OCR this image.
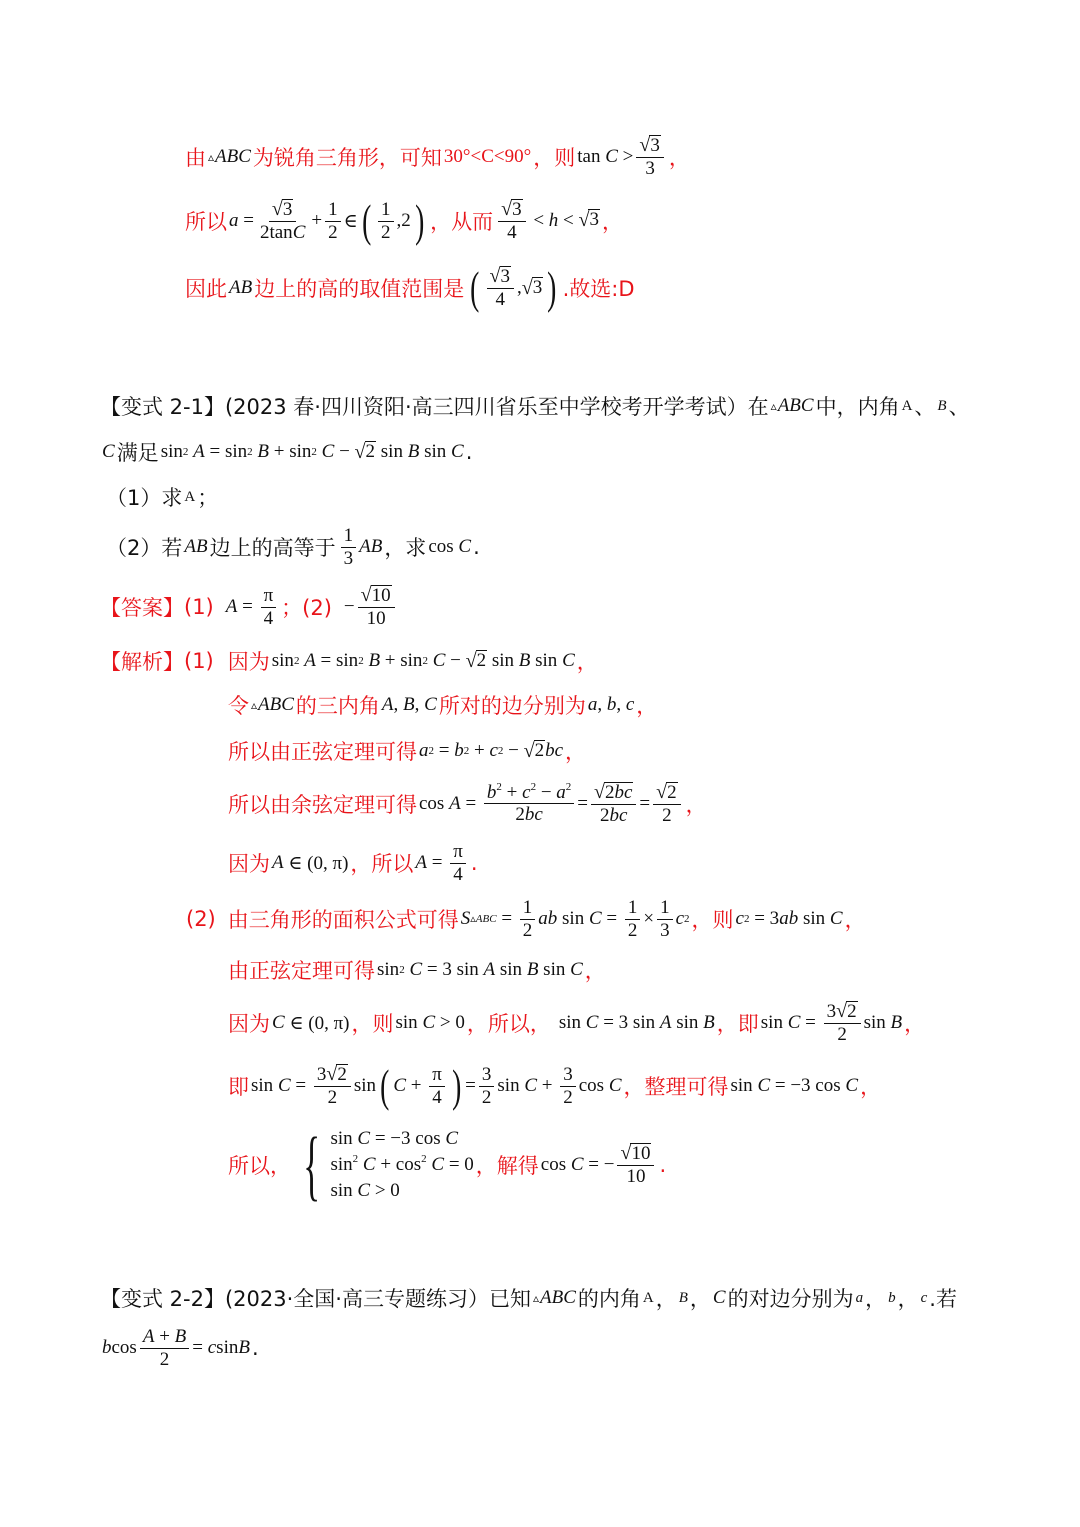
由 ▵ ABC 为锐角三角形，可知 30°<C<90° ，则 $\tan C > \frac{√ 3}{3}$ ，
所以 $a = \frac{√ 3}{2\tan C} + \frac{1}{2}$ ∈ ( $\frac{1}{2} ,2$ ) ，从而 $\frac{√ 3}{4} < h$ < √ 3 ，
因此 AB 边上的高的取值范围是 ( $\frac{√ 3}{4}$ , √ 3 ) .故选:D
【变式 2-1】 (2023 春·四川资阳·高三四川省乐至中学校考开学考试）在 ▵ ABC 中，内角 A 、 B 、
C 满足 sin 2
A = sin 2
B + sin 2
C − √ 2 sin B sin C .
（1）求 A ；
（2）若 AB 边上的高等于 $\frac{1}{3}$ AB ，求 cos C .
【答案】 (1) $A = \frac{\pi}{4}$ ；$(2) - \frac{√ 10}{10}$
【解析】 (1) 因为 sin 2
A = sin 2
B + sin 2
C − √ 2 sin B sin C ，
令 ▵ ABC 的三内角 A , B , C 所对的边分别为 a , b , c ，
所以由正弦定理可得 a 2 = b 2 + c 2 − √ 2 bc ，
所以由余弦定理可得 $\cos A = \frac{b^2 + c^2 - a^2}{2bc} = \frac{√ 2bc}{2bc} = \frac{√ 2}{2}$ ，
因为 A ∈ (0, π) ，所以 $A = \frac{\pi}{4}$ .
(2) 由三角形的面积公式可得 S ▵ABC = $\frac{1}{2}$ ab $\sin C = \frac{1}{2} \times \frac{1}{3}$ c 2 ，则 c 2 = 3 ab sin C ，
由正弦定理可得 sin 2
C = 3 sin A sin B sin C ，
因为 C ∈ (0, π) ，则 sin C > 0 ，所以， sin C = 3 sin A sin B ，即 $\sin C = \frac{3 √ 2}{2}$ sin B ，
即 $\sin C = \frac{3 √ 2}{2}$ sin ( $C + \frac{\pi}{4}$ ) = $\frac{3}{2}$ $\sin C + \frac{3}{2}$ cos C ，整理可得 sin C = −3 cos C ，
所以， { sin C = −3 cos C
$\sin^2 C + \cos^2 C = 0$
sin C > 0
，解得 cos C = − $\frac{√ 10}{10}$ .
【变式 2-2】 (2023·全国·高三专题练习）已知 ▵ ABC 的内角 A ， B ， C 的对边分别为 a ， b ， c .若
b $\cos \frac{A + B}{2} = c$ sin B .
